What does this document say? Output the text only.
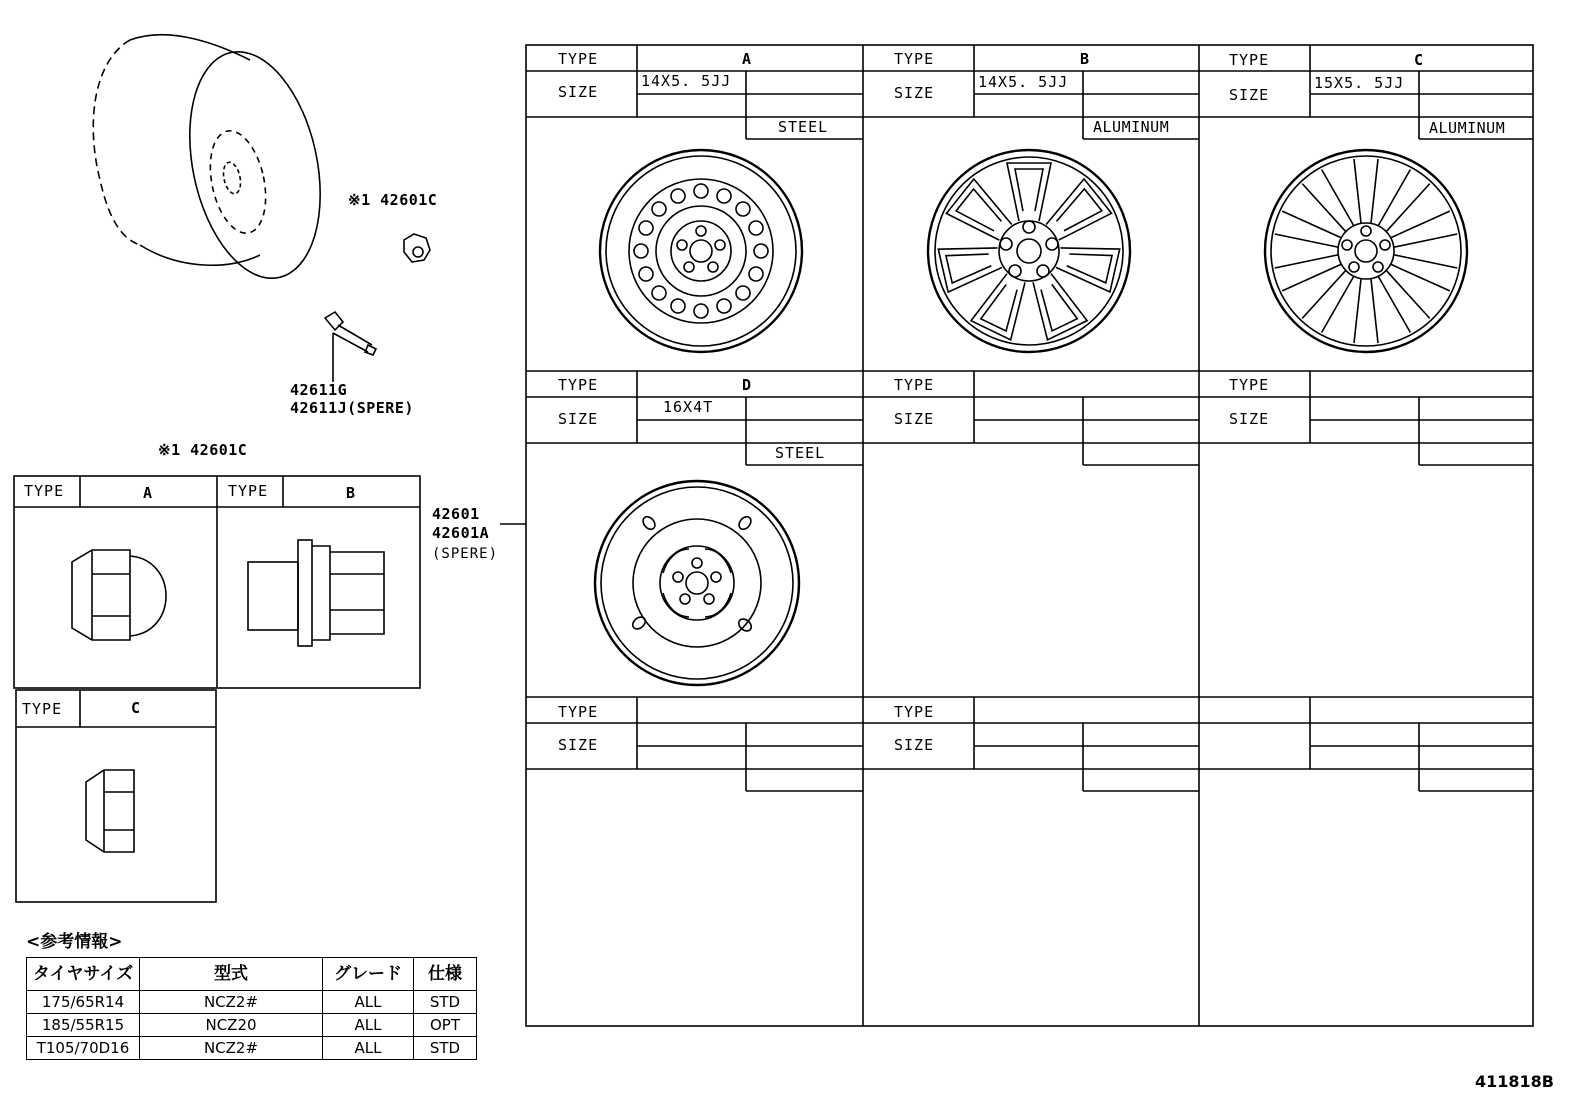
※1 42601C
42611G
42611J(SPERE)
※1 42601C
42601
42601A
(SPERE)
TYPE	A	TYPE	B
TYPE	C
TYPE	A
SIZE
14X5. 5JJ
STEEL
TYPE	B
SIZE
14X5. 5JJ
ALUMINUM
TYPE	C
SIZE
15X5. 5JJ
ALUMINUM
TYPE	D
SIZE
16X4T
STEEL
TYPE
SIZE
TYPE
SIZE
TYPE
SIZE
TYPE
SIZE
<参考情報>
タイヤサイズ	型式	グレード	仕様
175/65R14	NCZ2#	ALL	STD
185/55R15	NCZ20	ALL	OPT
T105/70D16	NCZ2#	ALL	STD
411818B
